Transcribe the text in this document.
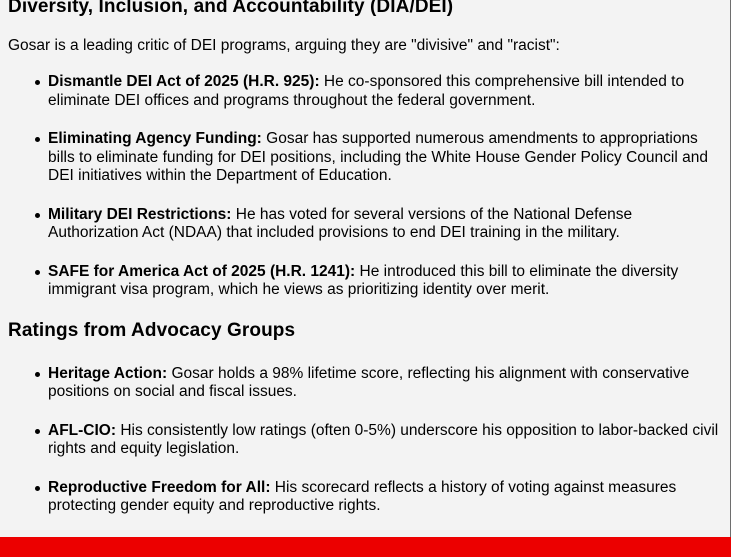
Diversity, Inclusion, and Accountability (DIA/DEI)

Gosar is a leading critic of DEI programs, arguing they are "divisive" and "racist":

Dismantle DEI Act of 2025 (H.R. 925): He co-sponsored this comprehensive bill intended to eliminate DEI offices and programs throughout the federal government.
Eliminating Agency Funding: Gosar has supported numerous amendments to appropriations bills to eliminate funding for DEI positions, including the White House Gender Policy Council and DEI initiatives within the Department of Education.
Military DEI Restrictions: He has voted for several versions of the National Defense Authorization Act (NDAA) that included provisions to end DEI training in the military.
SAFE for America Act of 2025 (H.R. 1241): He introduced this bill to eliminate the diversity immigrant visa program, which he views as prioritizing identity over merit.
Ratings from Advocacy Groups
Heritage Action: Gosar holds a 98% lifetime score, reflecting his alignment with conservative positions on social and fiscal issues.
AFL-CIO: His consistently low ratings (often 0-5%) underscore his opposition to labor-backed civil rights and equity legislation.
Reproductive Freedom for All: His scorecard reflects a history of voting against measures protecting gender equity and reproductive rights.
